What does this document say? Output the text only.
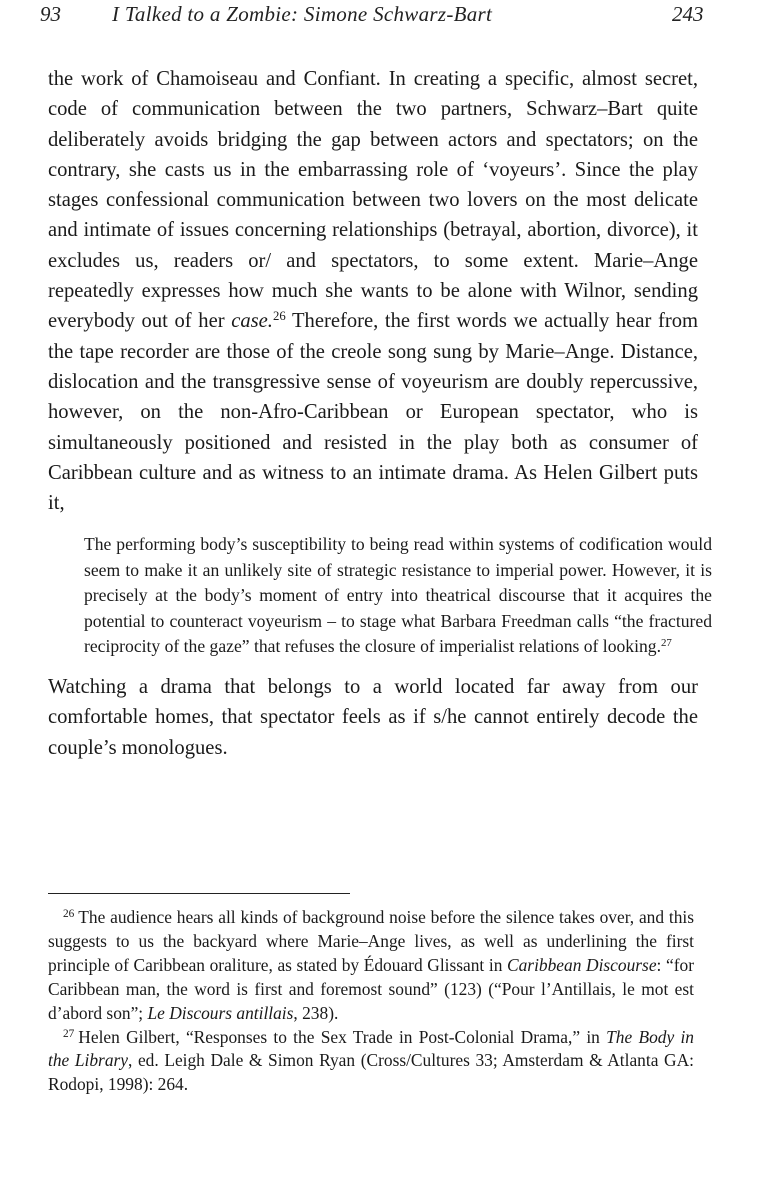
93 I Talked to a Zombie: Simone Schwarz-Bart	243

the work of Chamoiseau and Confiant. In creating a specific, almost secret, code of communication between the two partners, Schwarz–Bart quite deliberately avoids bridging the gap between actors and spectators; on the contrary, she casts us in the embarrassing role of ‘voyeurs’. Since the play stages confessional communication between two lovers on the most delicate and intimate of issues concerning relationships (betrayal, abortion, divorce), it excludes us, readers or/ and spectators, to some extent. Marie–Ange repeatedly expresses how much she wants to be alone with Wilnor, sending everybody out of her case.$^{26}$ Therefore, the first words we actually hear from the tape recorder are those of the creole song sung by Marie–Ange. Distance, dislocation and the transgressive sense of voyeurism are doubly repercussive, however, on the non-Afro-Caribbean or European spectator, who is simultaneously positioned and resisted in the play both as consumer of Caribbean culture and as witness to an intimate drama. As Helen Gilbert puts it,

The performing body’s susceptibility to being read within systems of codification would seem to make it an unlikely site of strategic resistance to imperial power. However, it is precisely at the body’s moment of entry into theatrical discourse that it acquires the potential to counteract voyeurism – to stage what Barbara Freedman calls “the fractured reciprocity of the gaze” that refuses the closure of imperialist relations of looking.$^{27}$

Watching a drama that belongs to a world located far away from our comfortable homes, that spectator feels as if s/he cannot entirely decode the couple’s monologues.

$^{26}$ The audience hears all kinds of background noise before the silence takes over, and this suggests to us the backyard where Marie–Ange lives, as well as underlining the first principle of Caribbean oraliture, as stated by Édouard Glissant in Caribbean Discourse: “for Caribbean man, the word is first and foremost sound” (123) (“Pour l’Antillais, le mot est d’abord son”; Le Discours antillais, 238).

$^{27}$ Helen Gilbert, “Responses to the Sex Trade in Post-Colonial Drama,” in The Body in the Library, ed. Leigh Dale & Simon Ryan (Cross/Cultures 33; Amsterdam & Atlanta GA: Rodopi, 1998): 264.
